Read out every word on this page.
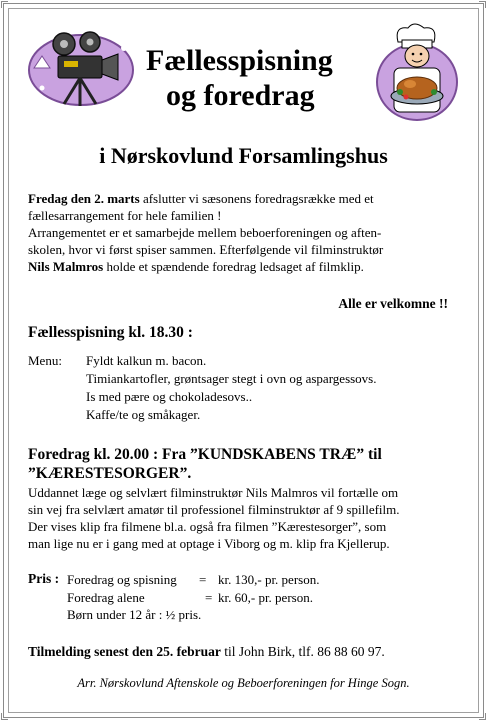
Fællesspisning
og foredrag
i Nørskovlund Forsamlingshus
Fredag den 2. marts afslutter vi sæsonens foredragsrække med et
fællesarrangement for hele familien !
Arrangementet er et samarbejde mellem beboerforeningen og aften-
skolen, hvor vi først spiser sammen. Efterfølgende vil filminstruktør
Nils Malmros holde et spændende foredrag ledsaget af filmklip.
Alle er velkomne !!
Fællesspisning kl. 18.30 :
Menu: Fyldt kalkun m. bacon.
Timiankartofler, grøntsager stegt i ovn og aspargessovs.
Is med pære og chokoladesovs..
Kaffe/te og småkager.
Foredrag kl. 20.00 : Fra ”KUNDSKABENS TRÆ” til
”KÆRESTESORGER”.
Uddannet læge og selvlært filminstruktør Nils Malmros vil fortælle om
sin vej fra selvlært amatør til professionel filminstruktør af 9 spillefilm.
Der vises klip fra filmene bl.a. også fra filmen ”Kærestesorger”, som
man lige nu er i gang med at optage i Viborg og m. klip fra Kjellerup.
Pris : Foredrag og spisning = kr. 130,- pr. person.
Foredrag alene	= kr. 60,- pr. person.
Børn under 12 år : ½ pris.
Tilmelding senest den 25. februar til John Birk, tlf. 86 88 60 97.
Arr. Nørskovlund Aftenskole og Beboerforeningen for Hinge Sogn.
